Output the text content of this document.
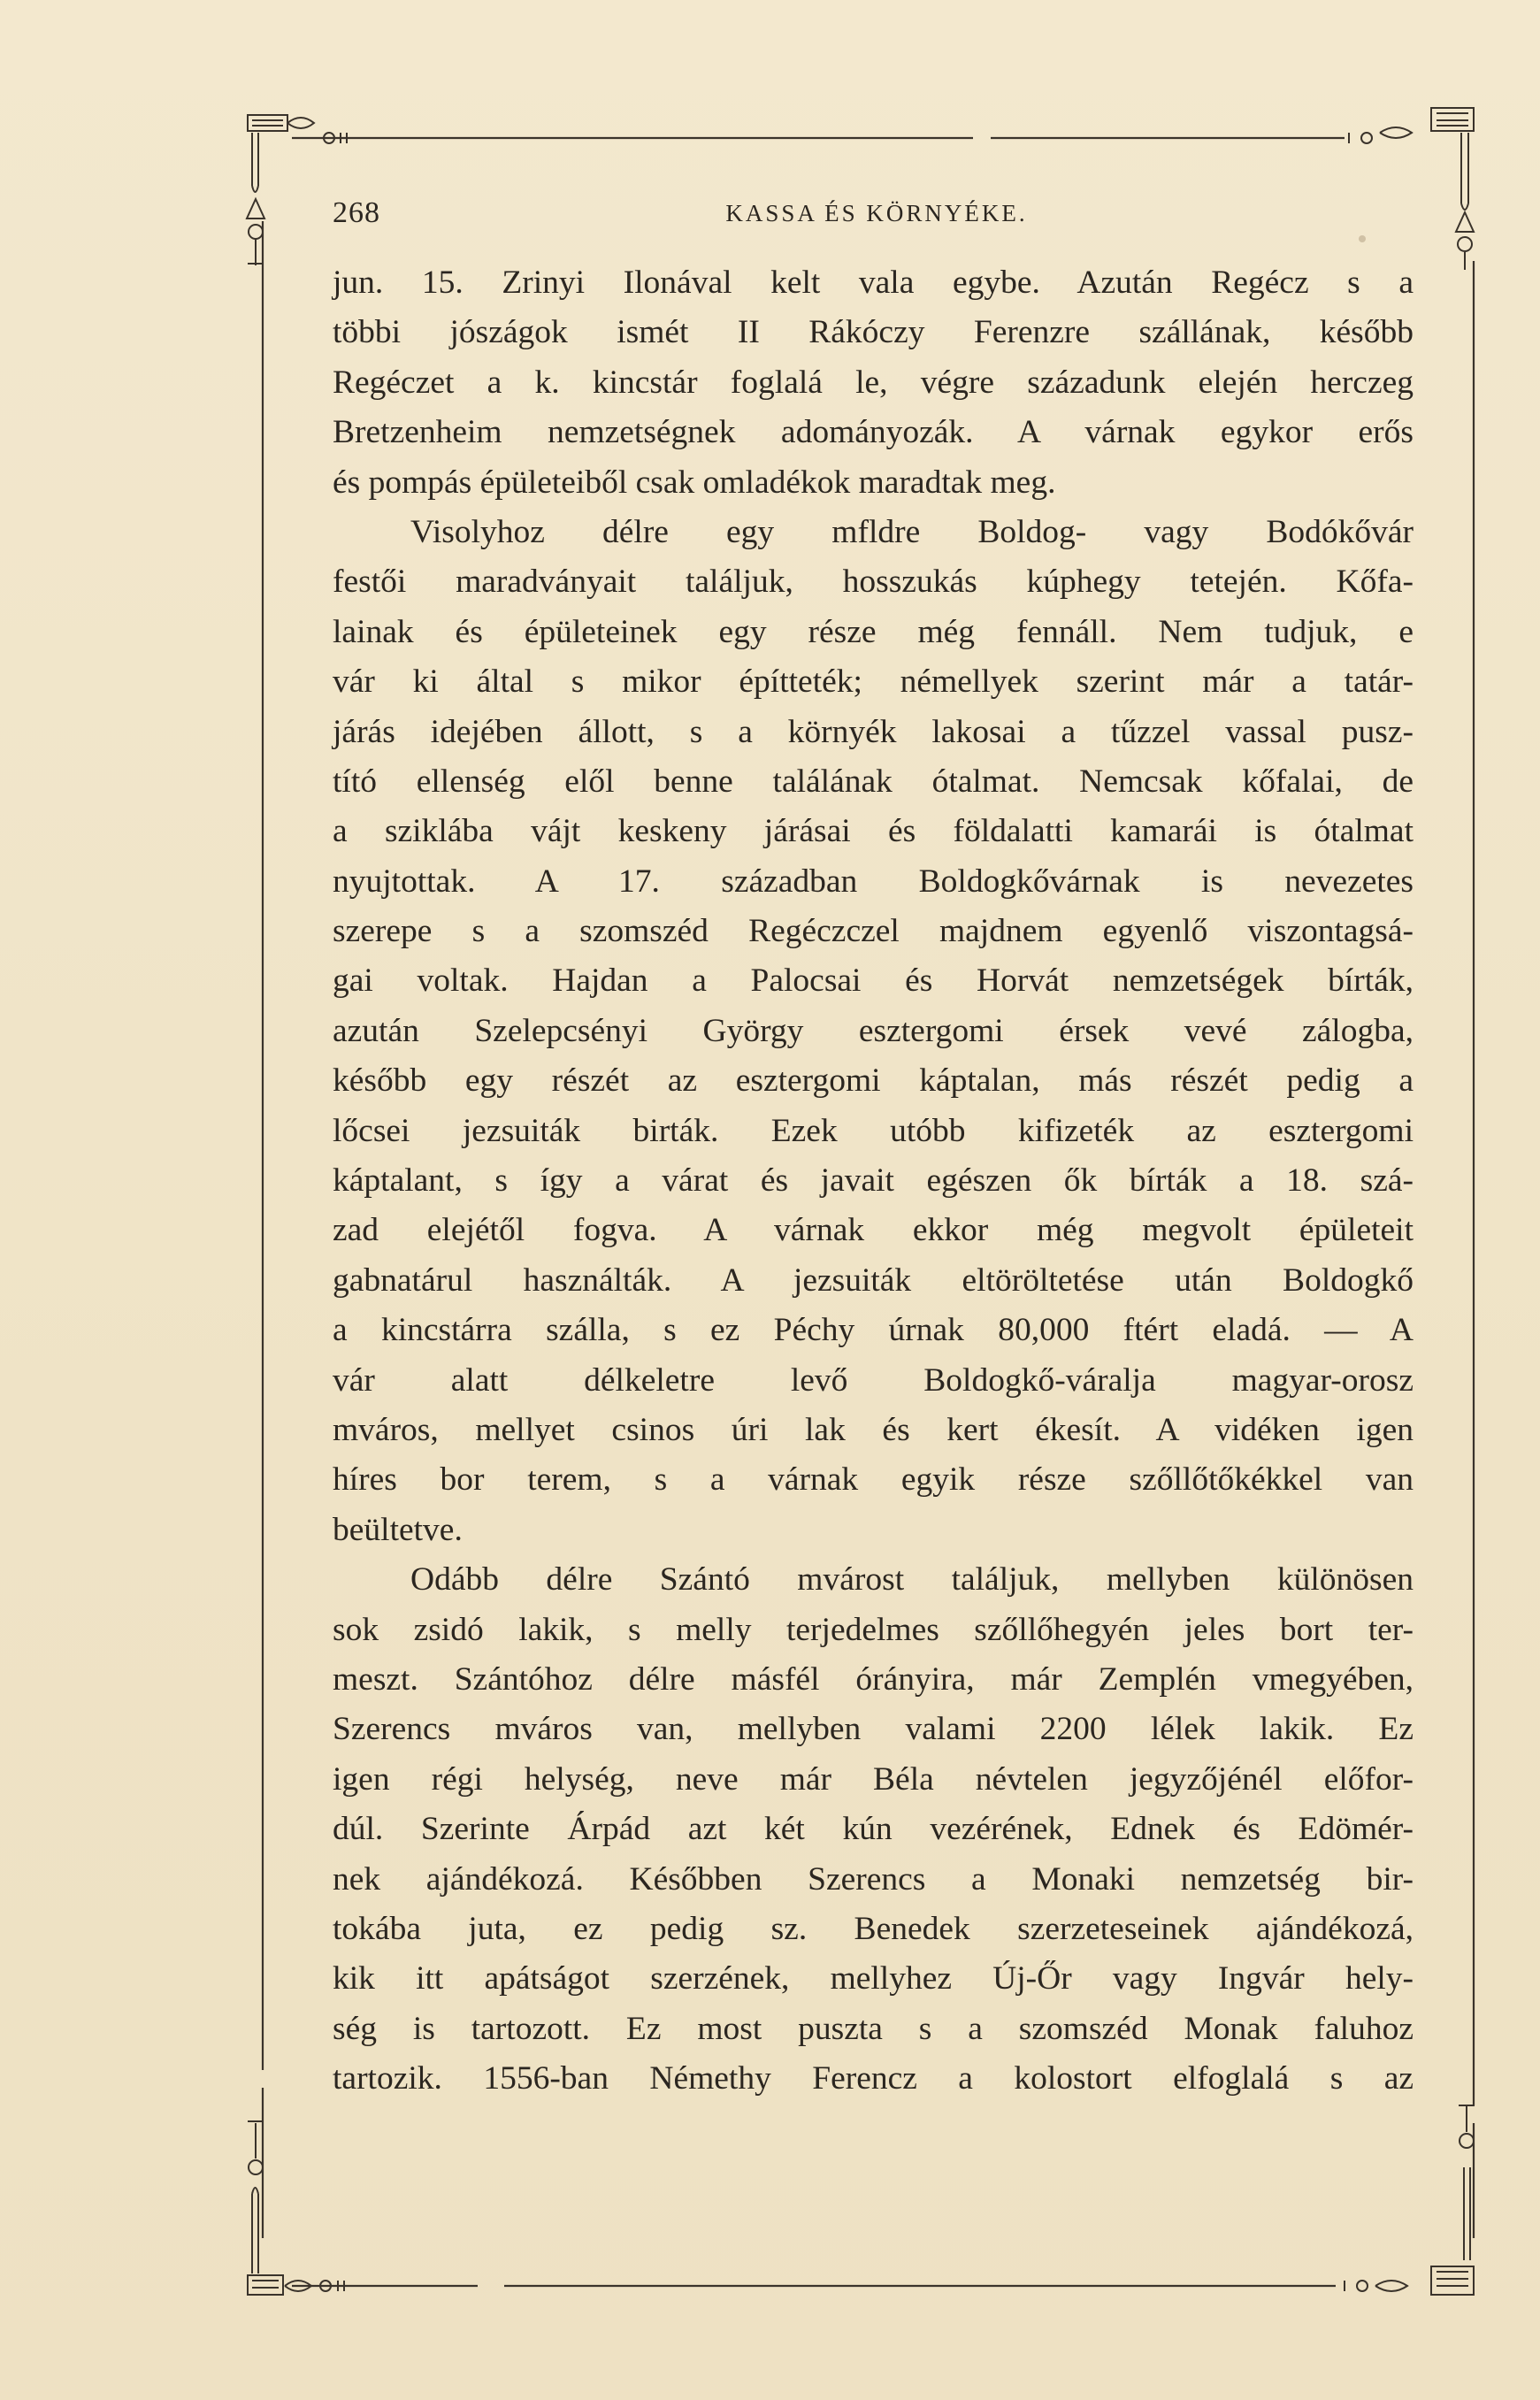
268	KASSA ÉS KÖRNYÉKE.
jun. 15. Zrinyi Ilonával kelt vala egybe. Azután Regécz s a
többi jószágok ismét II Rákóczy Ferenzre szállának, később
Regéczet a k. kincstár foglalá le, végre századunk elején herczeg
Bretzenheim nemzetségnek adományozák. A várnak egykor erős
és pompás épületeiből csak omladékok maradtak meg.
Visolyhoz délre egy mfldre Boldog- vagy Bodókővár
festői maradványait találjuk, hosszukás kúphegy tetején. Kőfa-
lainak és épületeinek egy része még fennáll. Nem tudjuk, e
vár ki által s mikor építteték; némellyek szerint már a tatár-
járás idejében állott, s a környék lakosai a tűzzel vassal pusz-
tító ellenség elől benne találának ótalmat. Nemcsak kőfalai, de
a sziklába vájt keskeny járásai és földalatti kamarái is ótalmat
nyujtottak. A 17. században Boldogkővárnak is nevezetes
szerepe s a szomszéd Regéczczel majdnem egyenlő viszontagsá-
gai voltak. Hajdan a Palocsai és Horvát nemzetségek bírták,
azután Szelepcsényi György esztergomi érsek vevé zálogba,
később egy részét az esztergomi káptalan, más részét pedig a
lőcsei jezsuiták birták. Ezek utóbb kifizeték az esztergomi
káptalant, s így a várat és javait egészen ők bírták a 18. szá-
zad elejétől fogva. A várnak ekkor még megvolt épületeit
gabnatárul használták. A jezsuiták eltöröltetése után Boldogkő
a kincstárra szálla, s ez Péchy úrnak 80,000 ftért eladá. — A
vár alatt délkeletre levő Boldogkő-váralja magyar-orosz
mváros, mellyet csinos úri lak és kert ékesít. A vidéken igen
híres bor terem, s a várnak egyik része szőllőtőkékkel van
beültetve.
Odább délre Szántó mvárost találjuk, mellyben különösen
sok zsidó lakik, s melly terjedelmes szőllőhegyén jeles bort ter-
meszt. Szántóhoz délre másfél órányira, már Zemplén vmegyében,
Szerencs mváros van, mellyben valami 2200 lélek lakik. Ez
igen régi helység, neve már Béla névtelen jegyzőjénél előfor-
dúl. Szerinte Árpád azt két kún vezérének, Ednek és Edömér-
nek ajándékozá. Későbben Szerencs a Monaki nemzetség bir-
tokába juta, ez pedig sz. Benedek szerzeteseinek ajándékozá,
kik itt apátságot szerzének, mellyhez Új-Őr vagy Ingvár hely-
ség is tartozott. Ez most puszta s a szomszéd Monak faluhoz
tartozik. 1556-ban Némethy Ferencz a kolostort elfoglalá s az
